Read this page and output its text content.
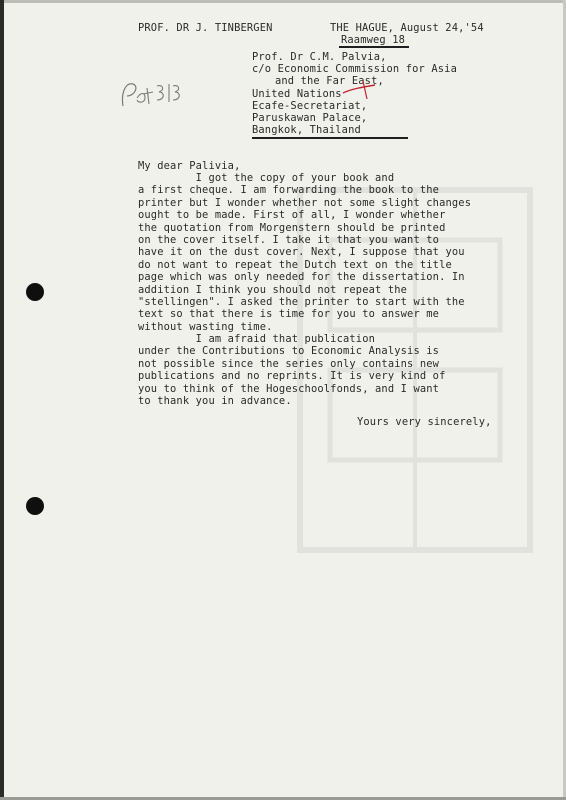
PROF. DR J. TINBERGEN	THE HAGUE, August 24,'54
Raamweg 18
Prof. Dr C.M. Palvia,
c/o Economic Commission for Asia
and the Far East,
United Nations
Ecafe-Secretariat,
Paruskawan Palace,
Bangkok, Thailand
Pat 313
My dear Palivia,
I got the copy of your book and
a first cheque. I am forwarding the book to the
printer but I wonder whether not some slight changes
ought to be made. First of all, I wonder whether
the quotation from Morgenstern should be printed
on the cover itself. I take it that you want to
have it on the dust cover. Next, I suppose that you
do not want to repeat the Dutch text on the title
page which was only needed for the dissertation. In
addition I think you should not repeat the
"stellingen". I asked the printer to start with the
text so that there is time for you to answer me
without wasting time.
I am afraid that publication
under the Contributions to Economic Analysis is
not possible since the series only contains new
publications and no reprints. It is very kind of
you to think of the Hogeschoolfonds, and I want
to thank you in advance.
Yours very sincerely,
